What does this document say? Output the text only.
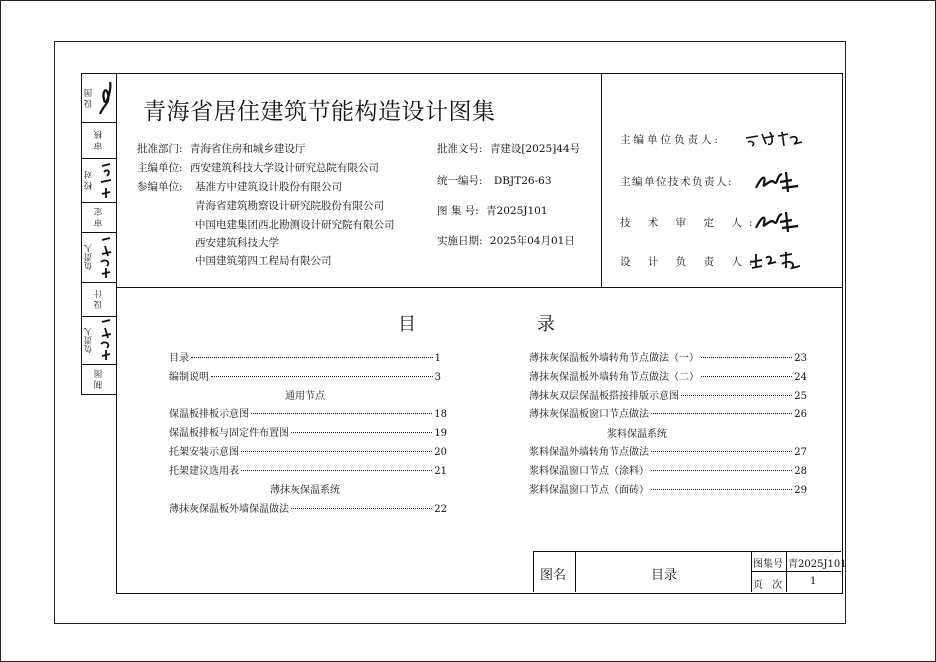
设 图
审 核
校 对
审 定
负责人
设 计
负责人
制 图
青海省居住建筑节能构造设计图集
批准部门: 青海省住房和城乡建设厅
主编单位: 西安建筑科技大学设计研究总院有限公司
参编单位: 基准方中建筑设计股份有限公司
青海省建筑勘察设计研究院股份有限公司
中国电建集团西北勘测设计研究院有限公司
西安建筑科技大学
中国建筑第四工程局有限公司
批准文号: 青建设[2025]44号
统一编号: DBJT26-63
图 集 号: 青2025J101
实施日期: 2025年04月01日
主编单位负责人:
主编单位技术负责人:
技 术 审 定 人:
设 计 负 责 人:
目	录
目录	1
编制说明	3
通用节点
保温板排板示意图	18
保温板排板与固定件布置图	19
托架安装示意图	20
托架建议选用表	21
薄抹灰保温系统
薄抹灰保温板外墙保温做法	22
薄抹灰保温板外墙转角节点做法（一）	23
薄抹灰保温板外墙转角节点做法（二）	24
薄抹灰双层保温板搭接排版示意图	25
薄抹灰保温板窗口节点做法	26
浆料保温系统
浆料保温外墙转角节点做法	27
浆料保温窗口节点（涂料）	28
浆料保温窗口节点（面砖）	29
图名	目录
图集号 青2025J101
页 次 1
